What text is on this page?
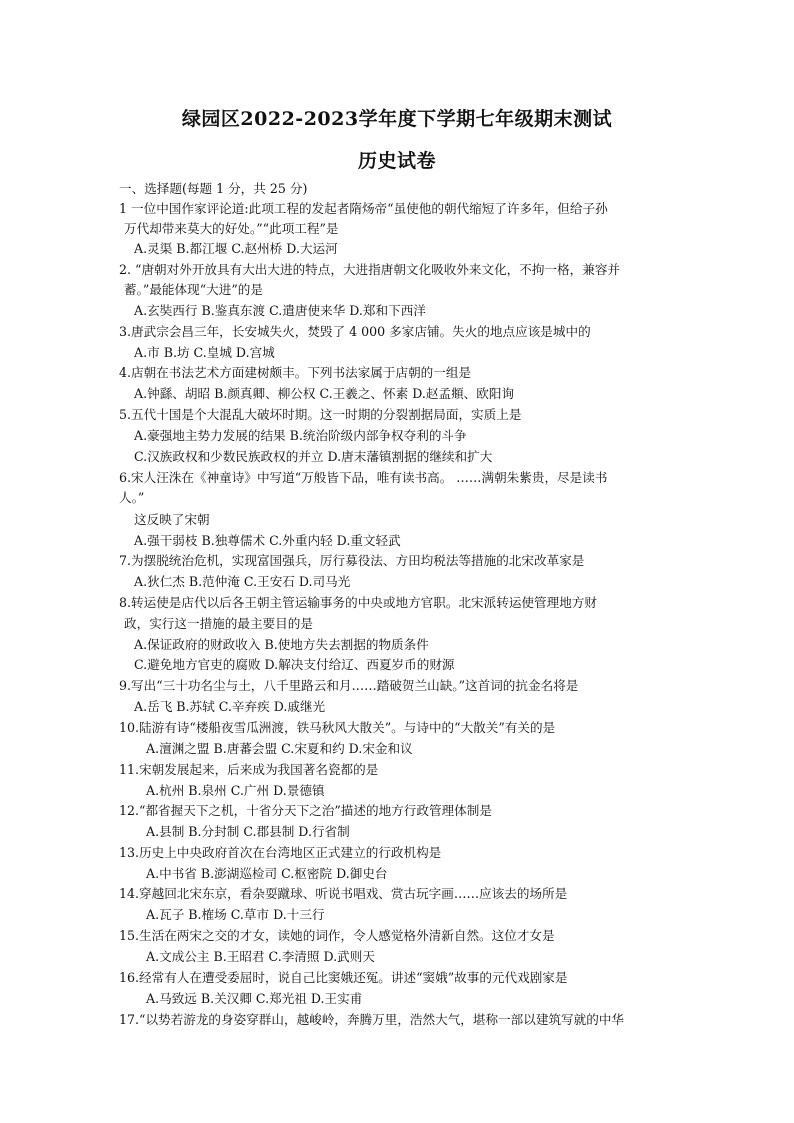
绿园区2022-2023学年度下学期七年级期末测试
历史试卷
一、选择题(每题 1 分，共 25 分)
1 一位中国作家评论道:此项工程的发起者隋炀帝“虽使他的朝代缩短了许多年，但给子孙
万代却带来莫大的好处。”“此项工程”是
A.灵渠 B.都江堰 C.赵州桥 D.大运河
2. “唐朝对外开放具有大出大进的特点，大进指唐朝文化吸收外来文化，不拘一格，兼容并
蓄。”最能体现“大进”的是
A.玄奘西行 B.鉴真东渡 C.遣唐使来华 D.郑和下西洋
3.唐武宗会昌三年，长安城失火，焚毁了 4 000 多家店铺。失火的地点应该是城中的
A.市 B.坊 C.皇城 D.宫城
4.店朝在书法艺术方面建树颇丰。下列书法家属于店朝的一组是
A.钟繇、胡昭 B.颜真卿、柳公权 C.王羲之、怀素 D.赵孟頫、欧阳询
5.五代十国是个大混乱大破坏时期。这一时期的分裂割据局面，实质上是
A.豪强地主势力发展的结果 B.统治阶级内部争权夺利的斗争
C.汉族政权和少数民族政权的并立 D.唐末藩镇割据的继续和扩大
6.宋人汪洙在《神童诗》中写道“万般皆下品，唯有读书高。 ……满朝朱紫贵，尽是读书
人。”
这反映了宋朝
A.强干弱枝 B.独尊儒术 C.外重内轻 D.重文轻武
7.为摆脱统治危机，实现富国强兵，厉行募役法、方田均税法等措施的北宋改革家是
A.狄仁杰 B.范仲淹 C.王安石 D.司马光
8.转运使是店代以后各王朝主管运输事务的中央或地方官职。北宋派转运使管理地方财
政，实行这一措施的最主要目的是
A.保证政府的财政收入 B.使地方失去割据的物质条件
C.避免地方官吏的腐败 D.解决支付给辽、西夏岁币的财源
9.写出“三十功名尘与土，八千里路云和月……踏破贺兰山缺。”这首词的抗金名将是
A.岳飞 B.苏轼 C.辛弃疾 D.戚继光
10.陆游有诗“楼船夜雪瓜洲渡，铁马秋风大散关”。与诗中的“大散关”有关的是
A.澶渊之盟 B.唐蕃会盟 C.宋夏和约 D.宋金和议
11.宋朝发展起来，后来成为我国著名瓷都的是
A.杭州 B.泉州 C.广州 D.景德镇
12.“都省握天下之机，十省分天下之治”描述的地方行政管理体制是
A.县制 B.分封制 C.郡县制 D.行省制
13.历史上中央政府首次在台湾地区正式建立的行政机构是
A.中书省 B.澎湖巡检司 C.枢密院 D.御史台
14.穿越回北宋东京，看杂耍蹴球、听说书唱戏、赏古玩字画……应该去的场所是
A.瓦子 B.榷场 C.草市 D.十三行
15.生活在两宋之交的才女，读她的词作，令人感觉格外清新自然。这位才女是
A.文成公主 B.王昭君 C.李清照 D.武则天
16.经常有人在遭受委屈时，说自己比窦娥还冤。讲述“窦娥”故事的元代戏剧家是
A.马致远 B.关汉卿 C.郑光祖 D.王实甫
17.“以势若游龙的身姿穿群山，越峻岭，奔腾万里，浩然大气，堪称一部以建筑写就的中华
